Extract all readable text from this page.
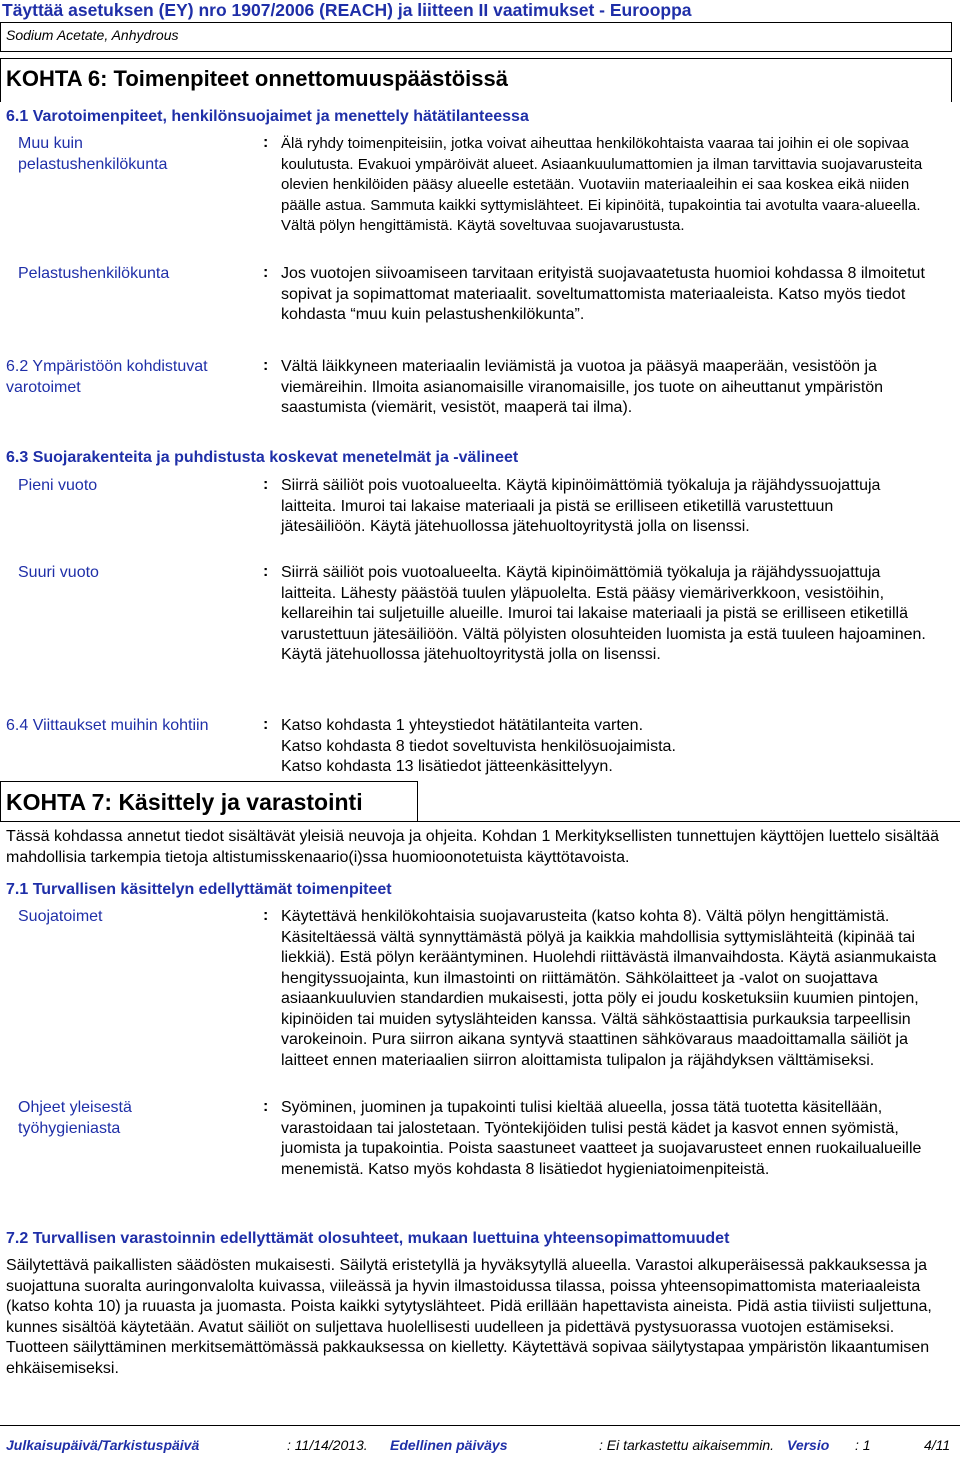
Täyttää asetuksen (EY) nro 1907/2006 (REACH) ja liitteen II vaatimukset - Eurooppa
Sodium Acetate, Anhydrous
KOHTA 6: Toimenpiteet onnettomuuspäästöissä
6.1 Varotoimenpiteet, henkilönsuojaimet ja menettely hätätilanteessa
Muu kuin pelastushenkilökunta
: Älä ryhdy toimenpiteisiin, jotka voivat aiheuttaa henkilökohtaista vaaraa tai joihin ei ole sopivaa koulutusta. Evakuoi ympäröivät alueet. Asiaankuulumattomien ja ilman tarvittavia suojavarusteita olevien henkilöiden pääsy alueelle estetään. Vuotaviin materiaaleihin ei saa koskea eikä niiden päälle astua. Sammuta kaikki syttymislähteet. Ei kipinöitä, tupakointia tai avotulta vaara-alueella. Vältä pölyn hengittämistä. Käytä soveltuvaa suojavarustusta.
Pelastushenkilökunta	: Jos vuotojen siivoamiseen tarvitaan erityistä suojavaatetusta huomioi kohdassa 8 ilmoitetut sopivat ja sopimattomat materiaalit. soveltumattomista materiaaleista. Katso myös tiedot kohdasta “muu kuin pelastushenkilökunta”.
6.2 Ympäristöön kohdistuvat varotoimet
: Vältä läikkyneen materiaalin leviämistä ja vuotoa ja pääsyä maaperään, vesistöön ja viemäreihin. Ilmoita asianomaisille viranomaisille, jos tuote on aiheuttanut ympäristön saastumista (viemärit, vesistöt, maaperä tai ilma).
6.3 Suojarakenteita ja puhdistusta koskevat menetelmät ja -välineet
Pieni vuoto	: Siirrä säiliöt pois vuotoalueelta. Käytä kipinöimättömiä työkaluja ja räjähdyssuojattuja laitteita. Imuroi tai lakaise materiaali ja pistä se erilliseen etiketillä varustettuun jätesäiliöön. Käytä jätehuollossa jätehuoltoyritystä jolla on lisenssi.
Suuri vuoto	: Siirrä säiliöt pois vuotoalueelta. Käytä kipinöimättömiä työkaluja ja räjähdyssuojattuja laitteita. Lähesty päästöä tuulen yläpuolelta. Estä pääsy viemäriverkkoon, vesistöihin, kellareihin tai suljetuille alueille. Imuroi tai lakaise materiaali ja pistä se erilliseen etiketillä varustettuun jätesäiliöön. Vältä pölyisten olosuhteiden luomista ja estä tuuleen hajoaminen. Käytä jätehuollossa jätehuoltoyritystä jolla on lisenssi.
6.4 Viittaukset muihin kohtiin	: Katso kohdasta 1 yhteystiedot hätätilanteita varten.
Katso kohdasta 8 tiedot soveltuvista henkilösuojaimista.
Katso kohdasta 13 lisätiedot jätteenkäsittelyyn.
KOHTA 7: Käsittely ja varastointi
Tässä kohdassa annetut tiedot sisältävät yleisiä neuvoja ja ohjeita. Kohdan 1 Merkityksellisten tunnettujen käyttöjen luettelo sisältää mahdollisia tarkempia tietoja altistumisskenaario(i)ssa huomioonotetuista käyttötavoista.
7.1 Turvallisen käsittelyn edellyttämät toimenpiteet
Suojatoimet	: Käytettävä henkilökohtaisia suojavarusteita (katso kohta 8). Vältä pölyn hengittämistä. Käsiteltäessä vältä synnyttämästä pölyä ja kaikkia mahdollisia syttymislähteitä (kipinää tai liekkiä). Estä pölyn kerääntyminen. Huolehdi riittävästä ilmanvaihdosta. Käytä asianmukaista hengityssuojainta, kun ilmastointi on riittämätön. Sähkölaitteet ja -valot on suojattava asiaankuuluvien standardien mukaisesti, jotta pöly ei joudu kosketuksiin kuumien pintojen, kipinöiden tai muiden sytyslähteiden kanssa. Vältä sähköstaattisia purkauksia tarpeellisin varokeinoin. Pura siirron aikana syntyvä staattinen sähkövaraus maadoittamalla säiliöt ja laitteet ennen materiaalien siirron aloittamista tulipalon ja räjähdyksen välttämiseksi.
Ohjeet yleisestä työhygieniasta
: Syöminen, juominen ja tupakointi tulisi kieltää alueella, jossa tätä tuotetta käsitellään, varastoidaan tai jalostetaan. Työntekijöiden tulisi pestä kädet ja kasvot ennen syömistä, juomista ja tupakointia. Poista saastuneet vaatteet ja suojavarusteet ennen ruokailualueille menemistä. Katso myös kohdasta 8 lisätiedot hygieniatoimenpiteistä.
7.2 Turvallisen varastoinnin edellyttämät olosuhteet, mukaan luettuina yhteensopimattomuudet
Säilytettävä paikallisten säädösten mukaisesti. Säilytä eristetyllä ja hyväksytyllä alueella. Varastoi alkuperäisessä pakkauksessa ja suojattuna suoralta auringonvalolta kuivassa, viileässä ja hyvin ilmastoidussa tilassa, poissa yhteensopimattomista materiaaleista (katso kohta 10) ja ruuasta ja juomasta. Poista kaikki sytytyslähteet. Pidä erillään hapettavista aineista. Pidä astia tiiviisti suljettuna, kunnes sisältöä käytetään. Avatut säiliöt on suljettava huolellisesti uudelleen ja pidettävä pystysuorassa vuotojen estämiseksi. Tuotteen säilyttäminen merkitsemättömässä pakkauksessa on kielletty. Käytettävä sopivaa säilytystapaa ympäristön likaantumisen ehkäisemiseksi.
Julkaisupäivä/Tarkistuspäivä	: 11/14/2013. Edellinen päiväys	: Ei tarkastettu aikaisemmin. Versio : 1	4/11
